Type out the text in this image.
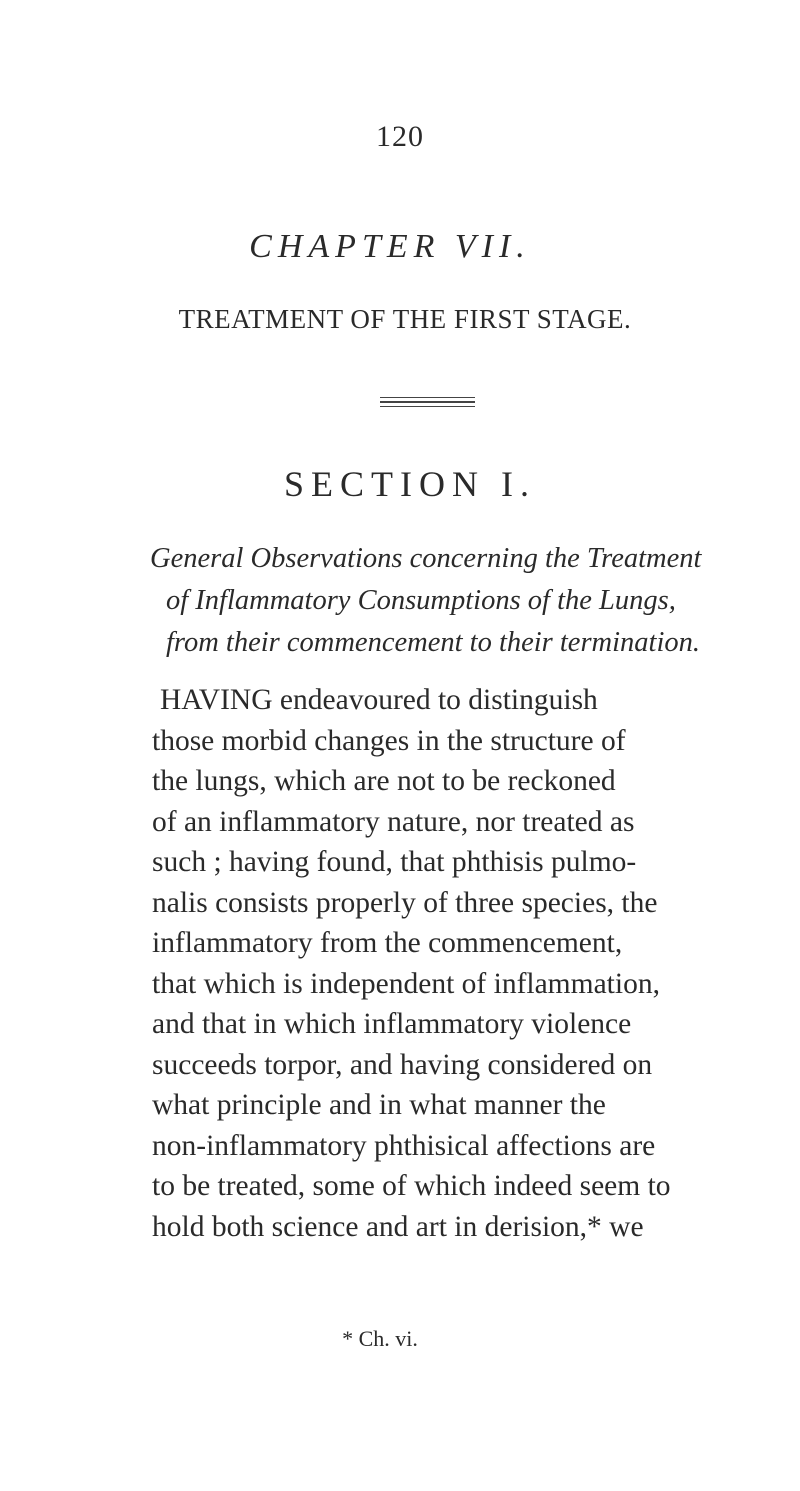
120
CHAPTER VII.
TREATMENT OF THE FIRST STAGE.
SECTION I.
General Observations concerning the Treatment
of Inflammatory Consumptions of the Lungs,
from their commencement to their termination.
HAVING endeavoured to distinguish
those morbid changes in the structure of
the lungs, which are not to be reckoned
of an inflammatory nature, nor treated as
such ; having found, that phthisis pulmo-
nalis consists properly of three species, the
inflammatory from the commencement,
that which is independent of inflammation,
and that in which inflammatory violence
succeeds torpor, and having considered on
what principle and in what manner the
non-inflammatory phthisical affections are
to be treated, some of which indeed seem to
hold both science and art in derision,* we
* Ch. vi.
